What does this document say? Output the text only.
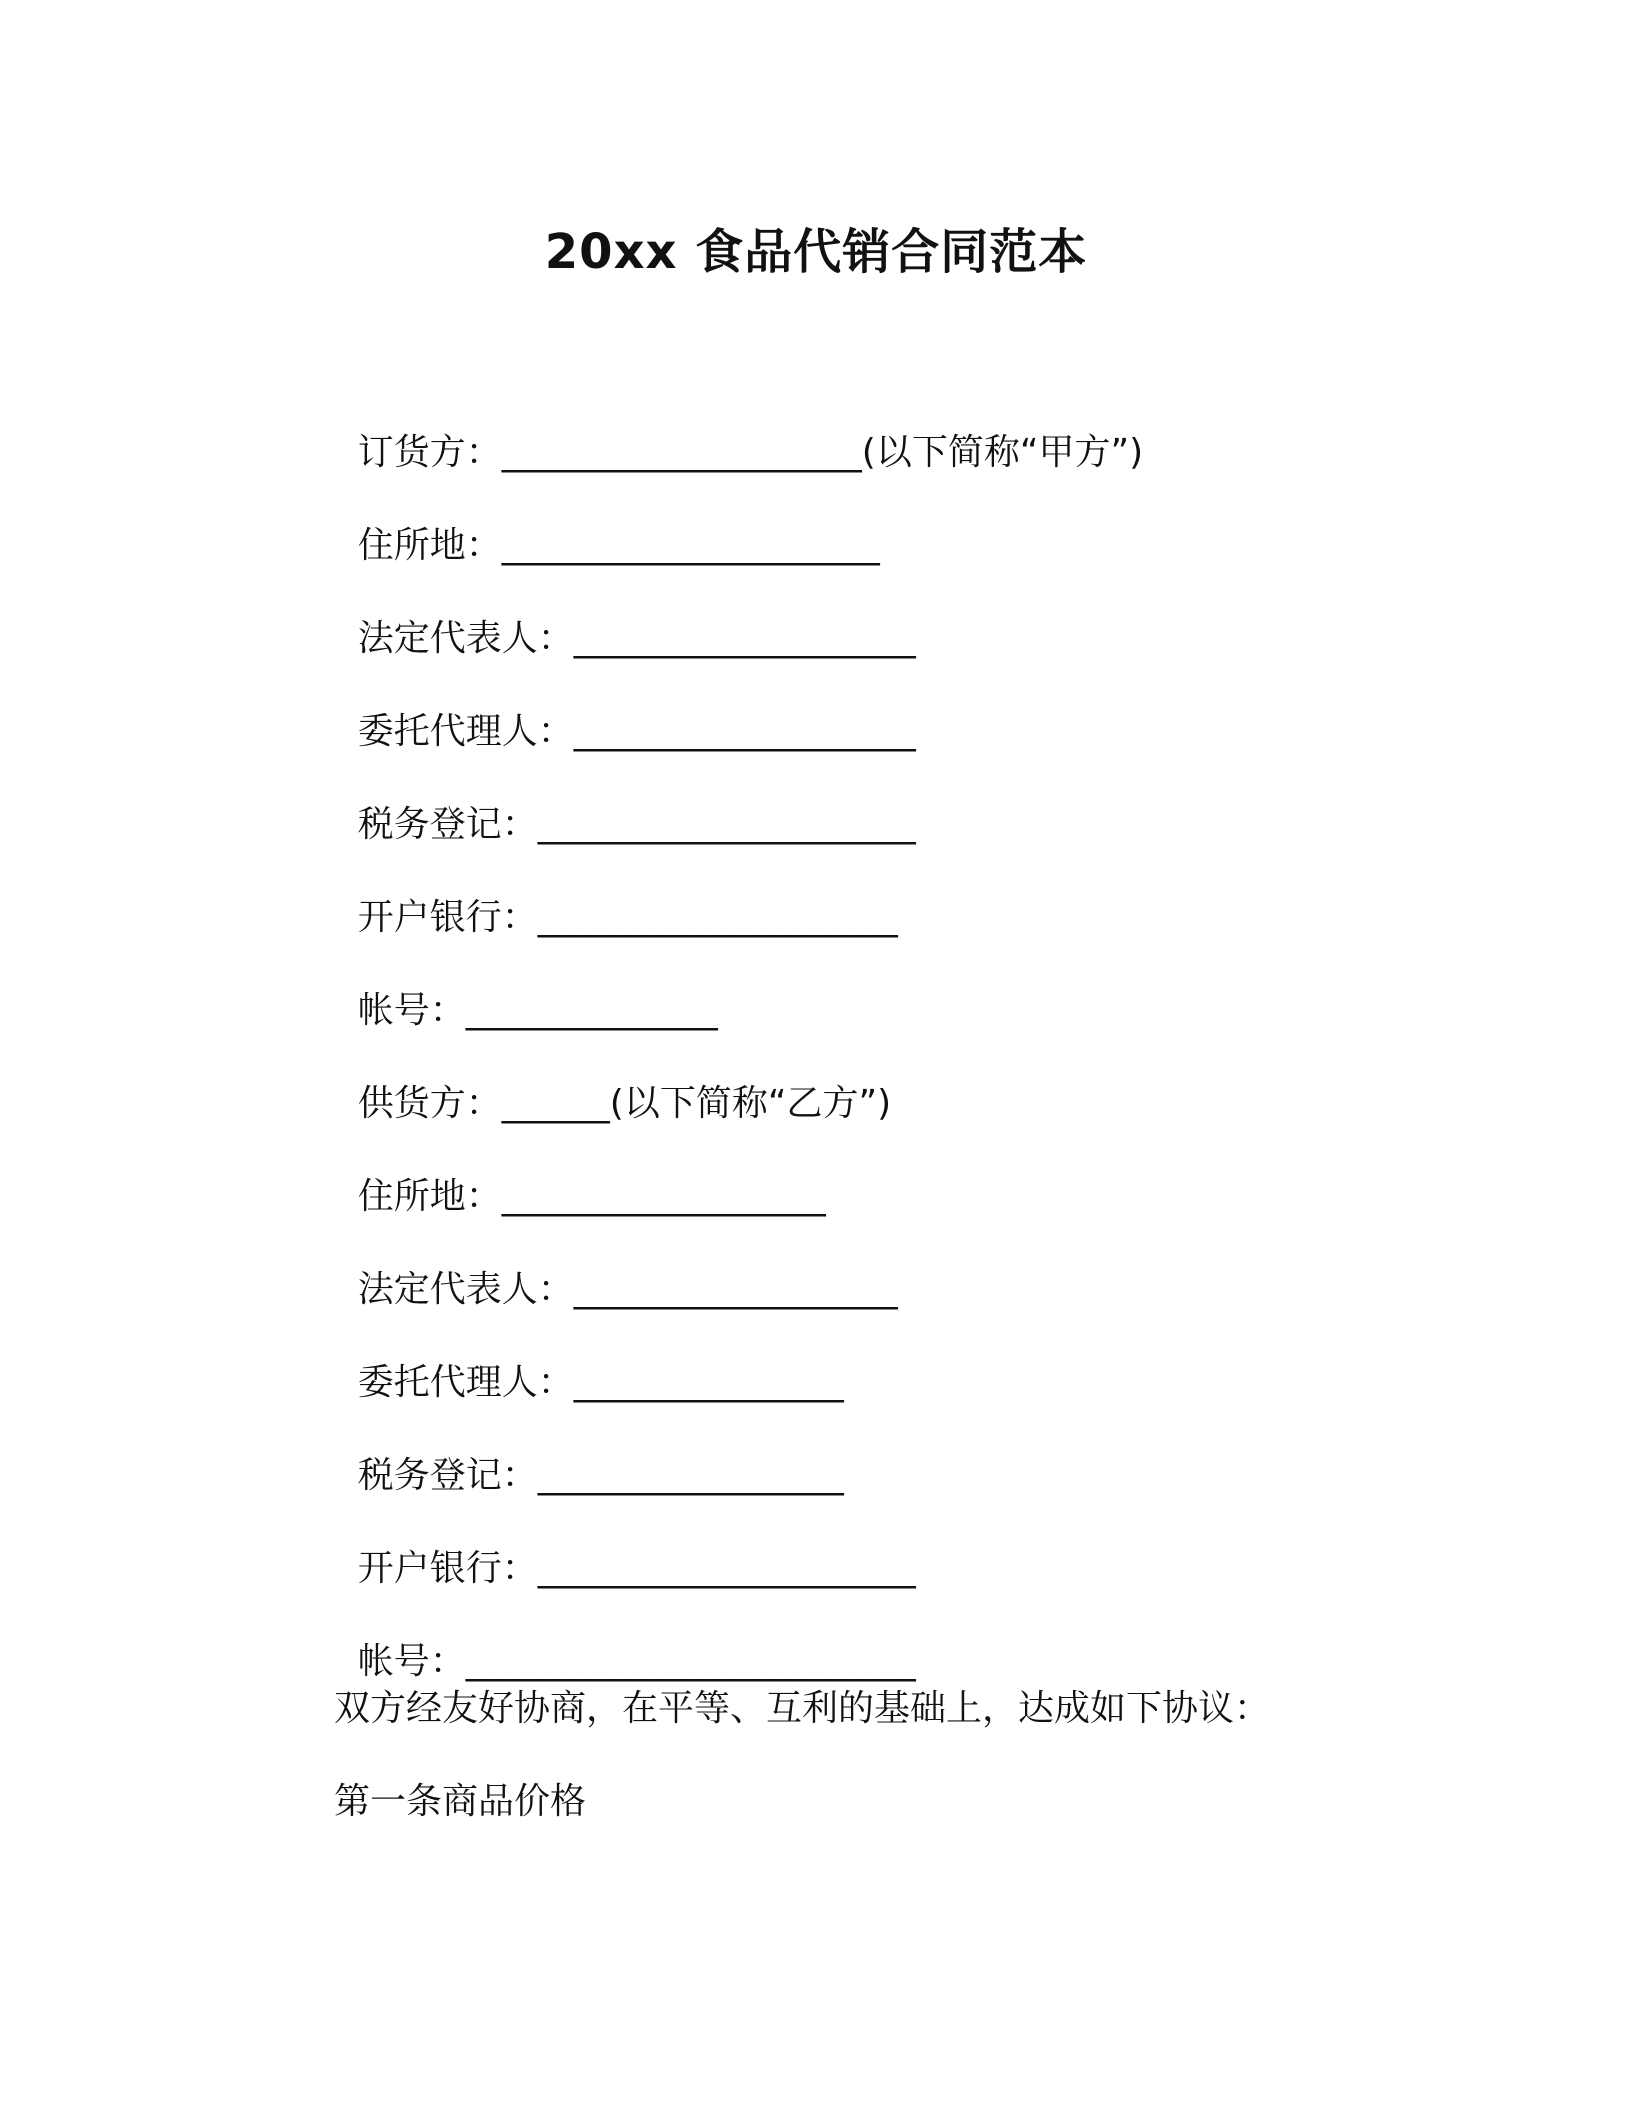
20xx 食品代销合同范本

订货方：____________________(以下简称“甲方”)

住所地：_____________________

法定代表人：___________________

委托代理人：___________________

税务登记：_____________________

开户银行：____________________

帐号：______________

供货方：______(以下简称“乙方”)

住所地：__________________

法定代表人：__________________

委托代理人：_______________

税务登记：_________________

开户银行：_____________________

帐号：_________________________

双方经友好协商，在平等、互利的基础上，达成如下协议：
第一条商品价格
